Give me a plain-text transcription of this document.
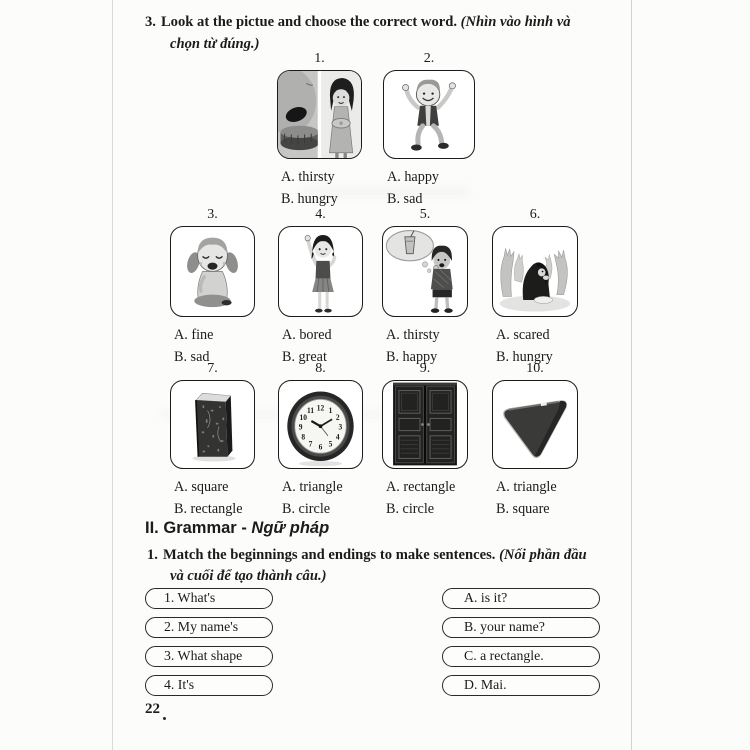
3. Look at the pictue and choose the correct word. (Nhìn vào hình và
chọn từ đúng.)
1.
A. thirsty
B. hungry
2.
A. happy
B. sad
3.
A. fine
B. sad
4.
A. bored
B. great
5.
A. thirsty
B. happy
6.
A. scared
B. hungry
7.
A. square
B. rectangle
8.
12 1
2
3
4
5
6
7
8
9
10
11
A. triangle
B. circle
9.
A. rectangle
B. circle
10.
A. triangle
B. square
II. Grammar - Ngữ pháp
1. Match the beginnings and endings to make sentences. (Nối phần đầu
và cuối để tạo thành câu.)
1. What's
2. My name's
3. What shape
4. It's
A. is it?
B. your name?
C. a rectangle.
D. Mai.
22
